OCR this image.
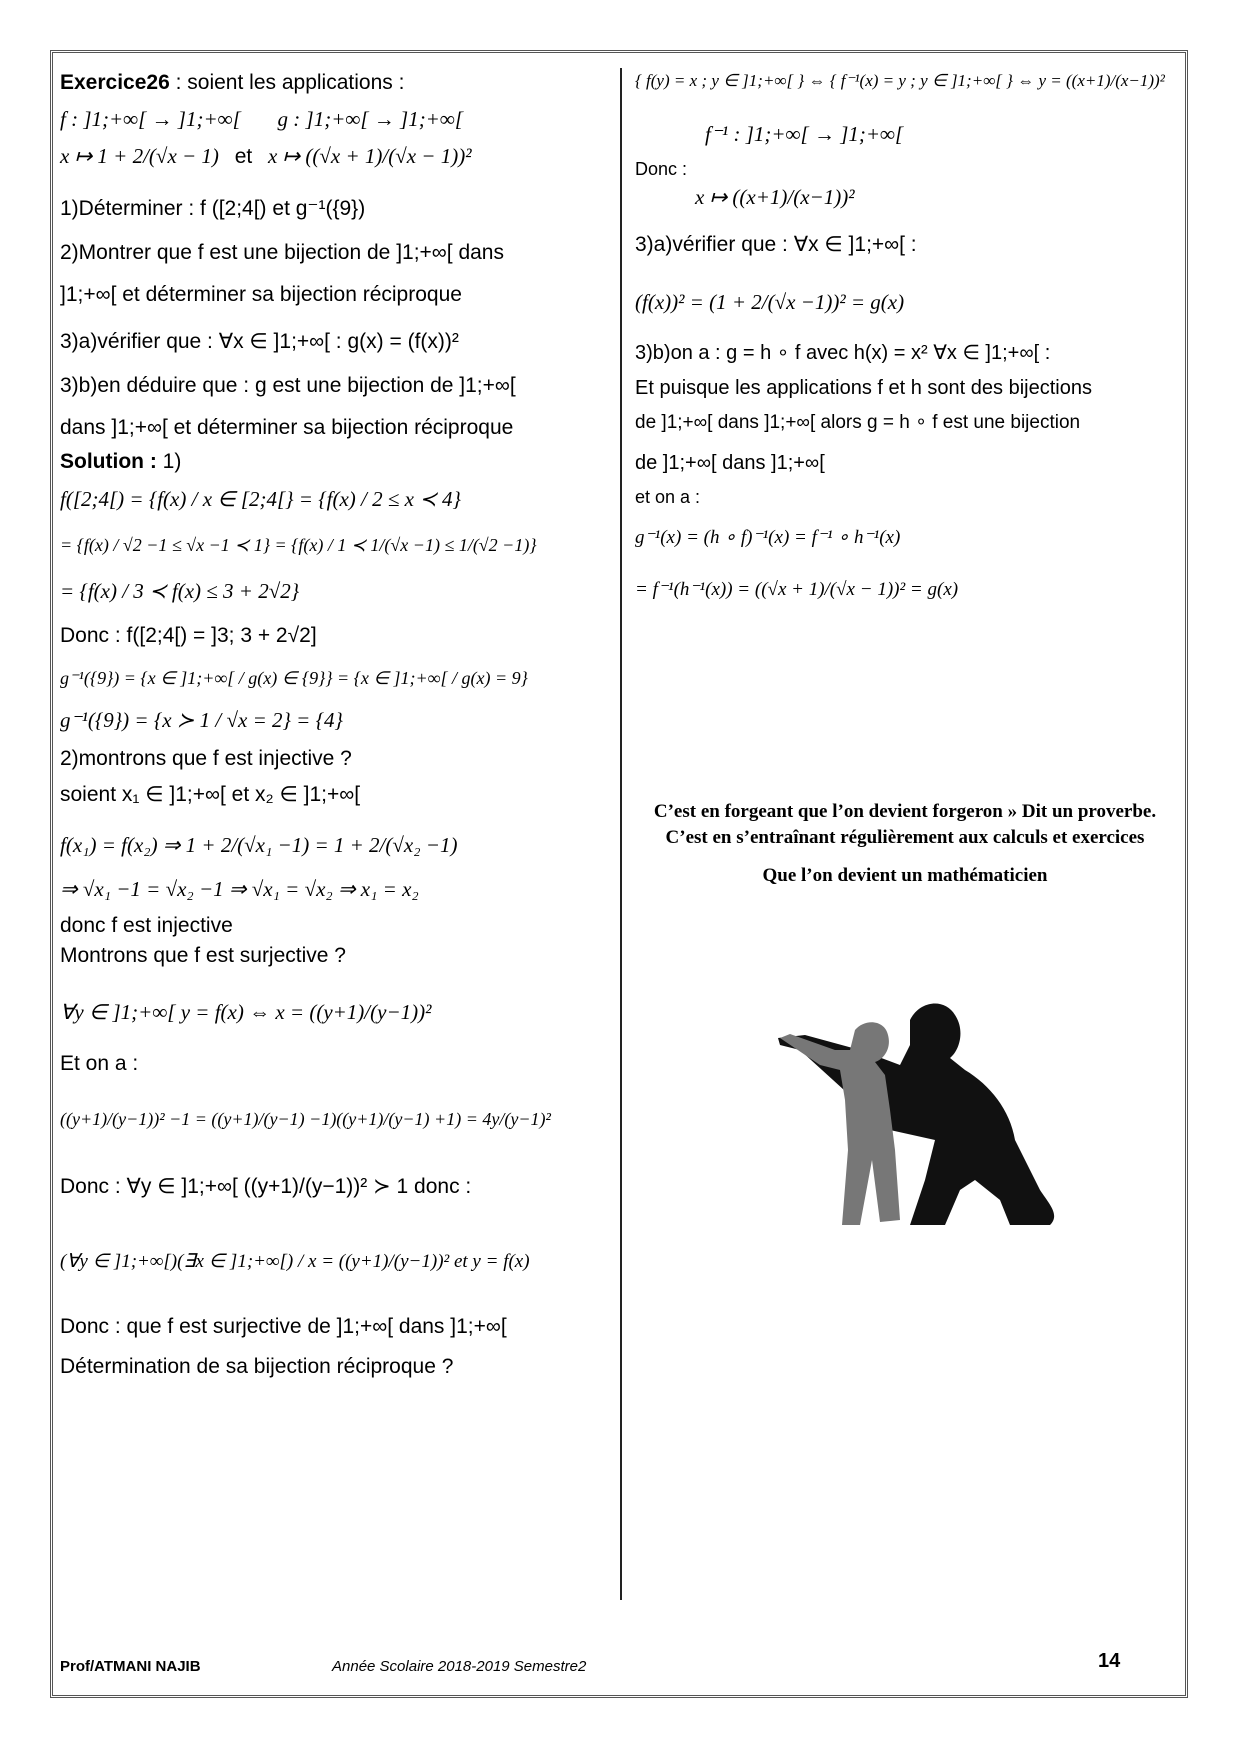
Exercice26 : soient les applications :
f : ]1;+∞[ → ]1;+∞[ g : ]1;+∞[ → ]1;+∞[
x ↦ 1 + 2/(√x − 1) et x ↦ ((√x + 1)/(√x − 1))²
1)Déterminer : f ([2;4[) et g⁻¹({9})
2)Montrer que f est une bijection de ]1;+∞[ dans
]1;+∞[ et déterminer sa bijection réciproque
3)a)vérifier que : ∀x ∈ ]1;+∞[ : g(x) = (f(x))²
3)b)en déduire que : g est une bijection de ]1;+∞[
dans ]1;+∞[ et déterminer sa bijection réciproque
Solution : 1)
f([2;4[) = {f(x) / x ∈ [2;4[} = {f(x) / 2 ≤ x ≺ 4}
= {f(x) / √2 −1 ≤ √x −1 ≺ 1} = {f(x) / 1 ≺ 1/(√x −1) ≤ 1/(√2 −1)}
= {f(x) / 3 ≺ f(x) ≤ 3 + 2√2}
Donc : f([2;4[) = ]3; 3 + 2√2]
g⁻¹({9}) = {x ∈ ]1;+∞[ / g(x) ∈ {9}} = {x ∈ ]1;+∞[ / g(x) = 9}
g⁻¹({9}) = {x ≻ 1 / √x = 2} = {4}
2)montrons que f est injective ?
soient x₁ ∈ ]1;+∞[ et x₂ ∈ ]1;+∞[
f(x₁) = f(x₂) ⇒ 1 + 2/(√x₁ −1) = 1 + 2/(√x₂ −1)
⇒ √x₁ −1 = √x₂ −1 ⇒ √x₁ = √x₂ ⇒ x₁ = x₂
donc f est injective
Montrons que f est surjective ?
∀y ∈ ]1;+∞[ y = f(x) ⇔ x = ((y+1)/(y−1))²
Et on a :
((y+1)/(y−1))² −1 = ((y+1)/(y−1) −1)((y+1)/(y−1) +1) = 4y/(y−1)²
Donc : ∀y ∈ ]1;+∞[ ((y+1)/(y−1))² ≻ 1 donc :
(∀y ∈ ]1;+∞[)(∃x ∈ ]1;+∞[) / x = ((y+1)/(y−1))² et y = f(x)
Donc : que f est surjective de ]1;+∞[ dans ]1;+∞[
Détermination de sa bijection réciproque ?
{ f(y) = x ; y ∈ ]1;+∞[ } ⇔ { f⁻¹(x) = y ; y ∈ ]1;+∞[ } ⇔ y = ((x+1)/(x−1))²
f⁻¹ : ]1;+∞[ → ]1;+∞[
Donc :
x ↦ ((x+1)/(x−1))²
3)a)vérifier que : ∀x ∈ ]1;+∞[ :
(f(x))² = (1 + 2/(√x −1))² = g(x)
3)b)on a : g = h ∘ f avec h(x) = x² ∀x ∈ ]1;+∞[ :
Et puisque les applications f et h sont des bijections
de ]1;+∞[ dans ]1;+∞[ alors g = h ∘ f est une bijection
de ]1;+∞[ dans ]1;+∞[
et on a :
g⁻¹(x) = (h ∘ f)⁻¹(x) = f⁻¹ ∘ h⁻¹(x)
= f⁻¹(h⁻¹(x)) = ((√x + 1)/(√x − 1))² = g(x)

C’est en forgeant que l’on devient forgeron » Dit un proverbe.

C’est en s’entraînant régulièrement aux calculs et exercices

Que l’on devient un mathématicien

Prof/ATMANI NAJIB	Année Scolaire 2018-2019 Semestre2	14
